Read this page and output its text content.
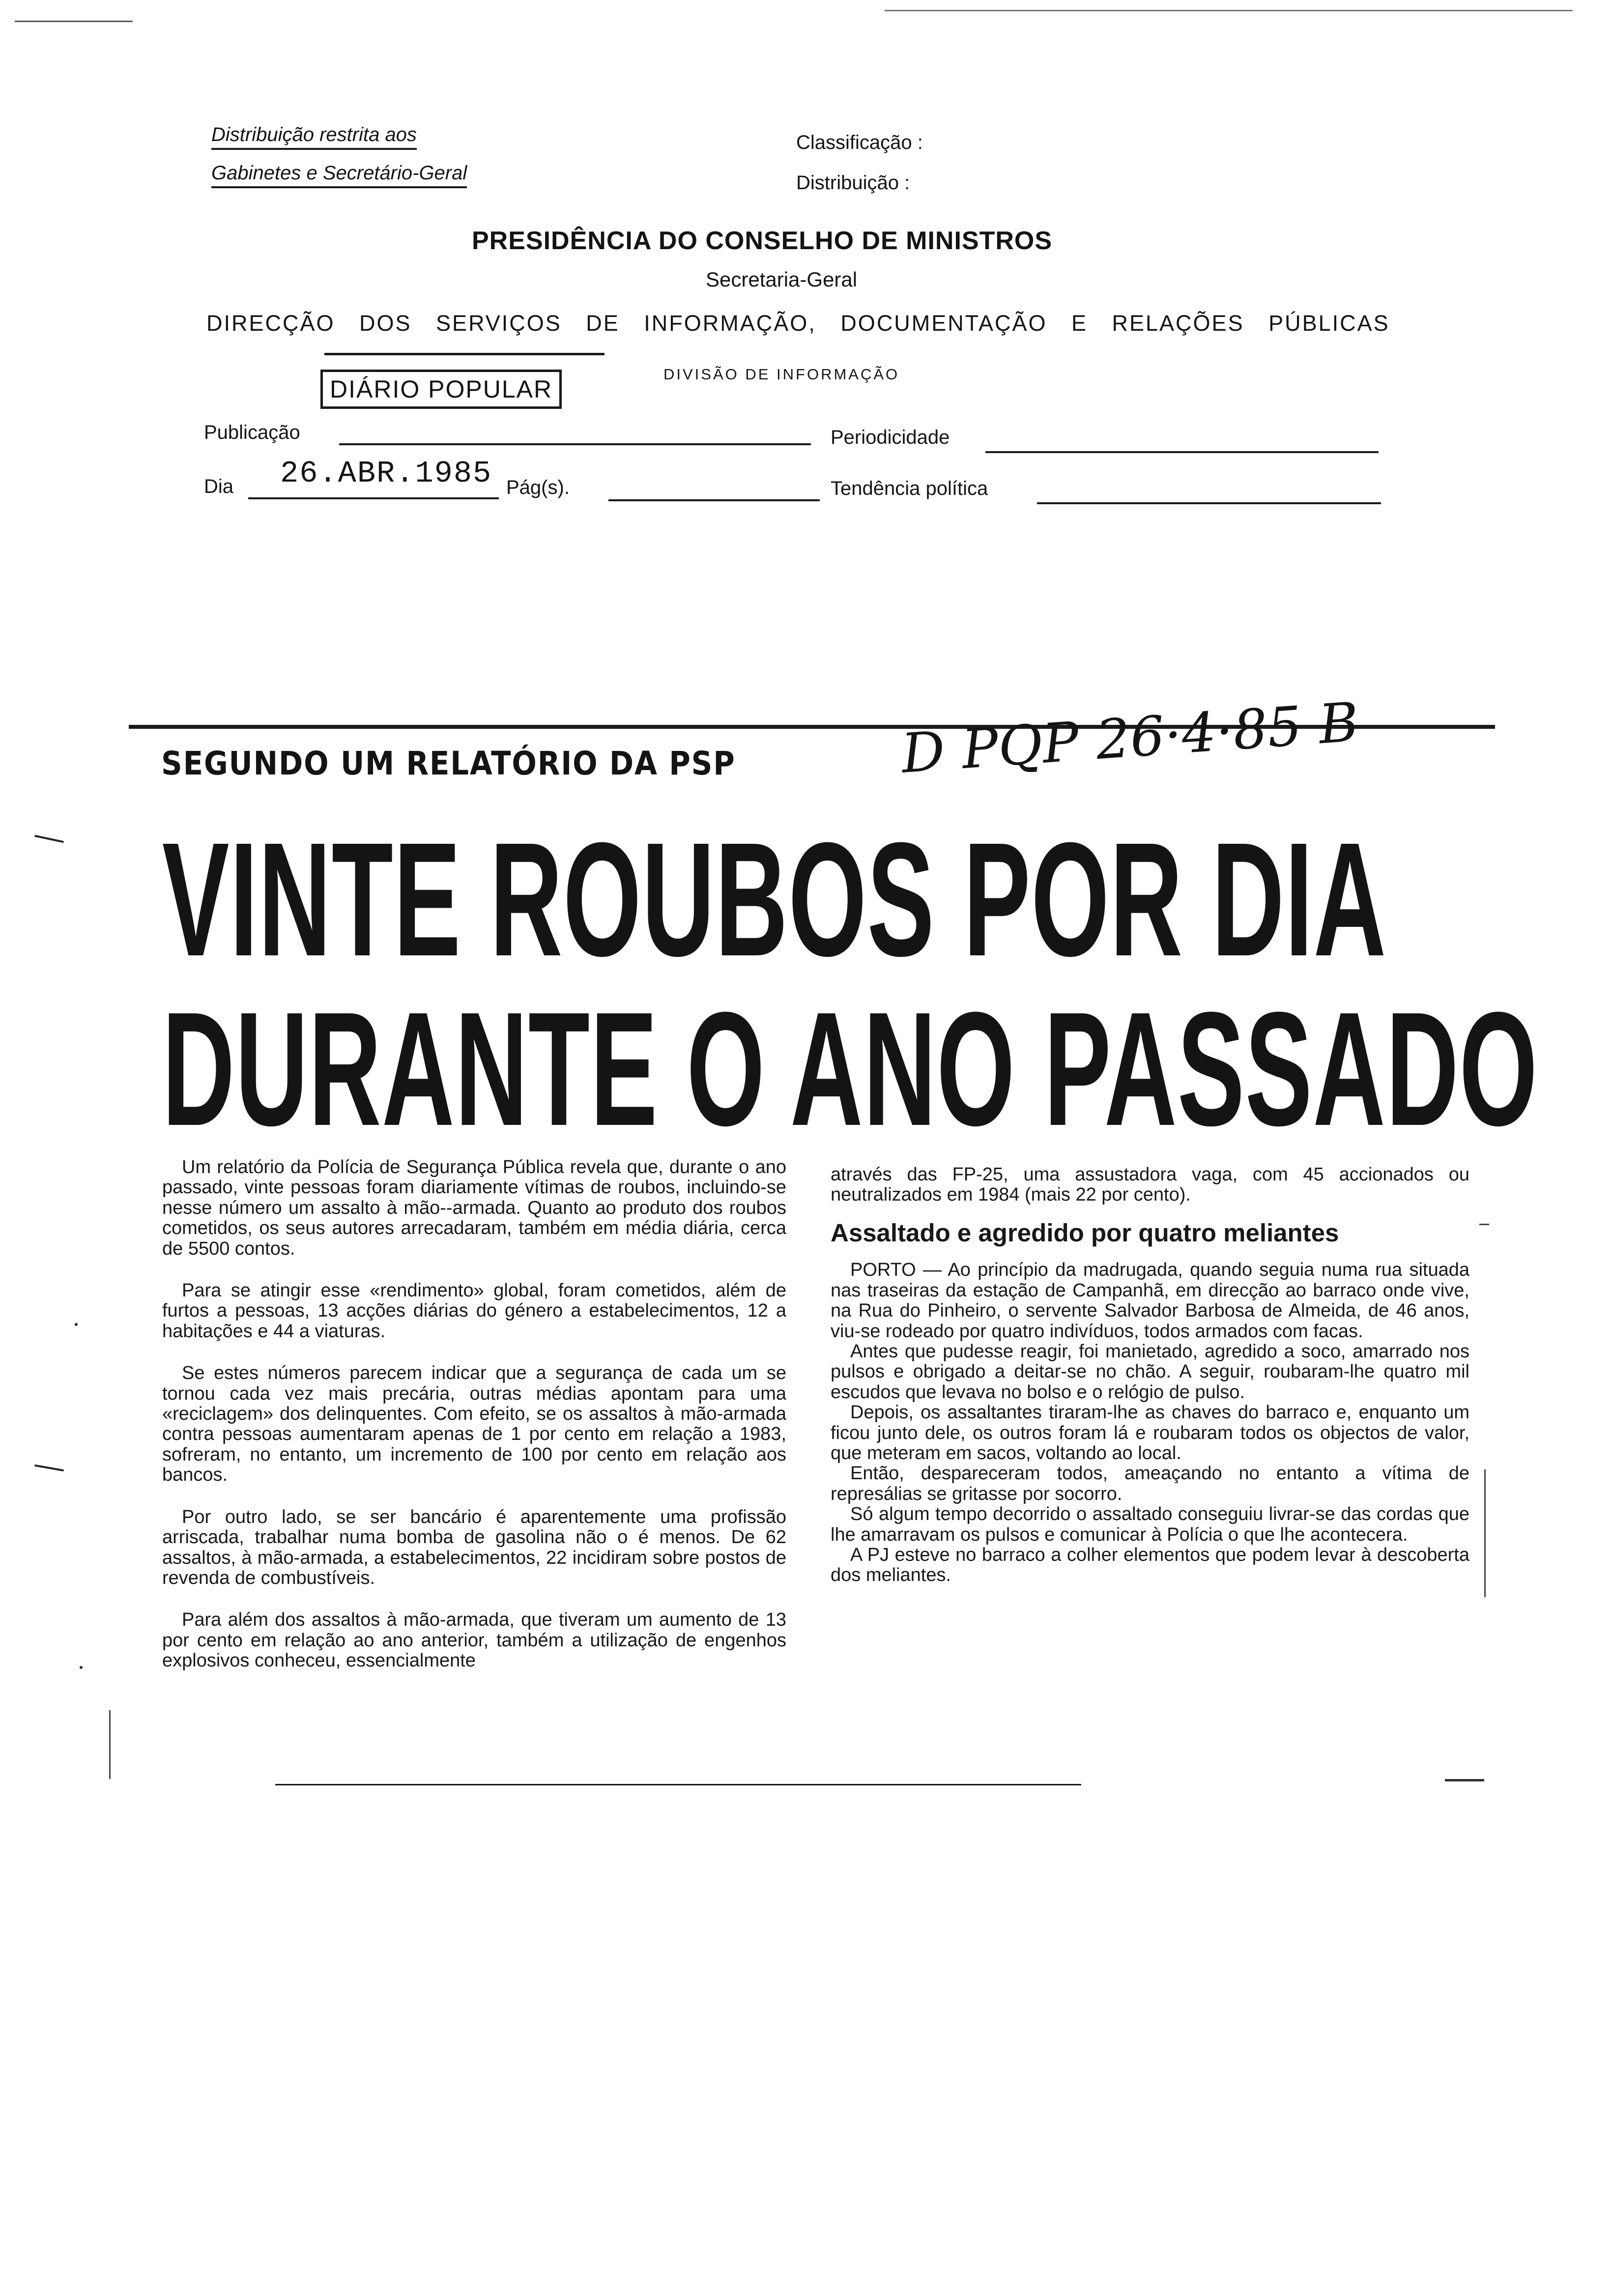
Distribuição restrita aos
Gabinetes e Secretário-Geral
Classificação :
Distribuição :
PRESIDÊNCIA DO CONSELHO DE MINISTROS
Secretaria-Geral
DIRECÇÃO DOS SERVIÇOS DE INFORMAÇÃO, DOCUMENTAÇÃO E RELAÇÕES PÚBLICAS
DIÁRIO POPULAR
DIVISÃO DE INFORMAÇÃO
Publicação	Periodicidade
Dia 26.ABR.1985 Pág(s).	Tendência política
SEGUNDO UM RELATÓRIO DA PSP	D PQP 26·4·85 B
VINTE ROUBOS POR DIA
DURANTE O ANO PASSADO

Um relatório da Polícia de Segurança Pública revela que, durante o ano passado, vinte pessoas foram diariamente vítimas de roubos, incluindo-se nesse número um assalto à mão--armada. Quanto ao produto dos roubos cometidos, os seus autores arrecadaram, também em média diária, cerca de 5500 contos.

Para se atingir esse «rendimento» global, foram cometidos, além de furtos a pessoas, 13 acções diárias do género a estabelecimentos, 12 a habitações e 44 a viaturas.

Se estes números parecem indicar que a segurança de cada um se tornou cada vez mais precária, outras médias apontam para uma «reciclagem» dos delinquentes. Com efeito, se os assaltos à mão-armada contra pessoas aumentaram apenas de 1 por cento em relação a 1983, sofreram, no entanto, um incremento de 100 por cento em relação aos bancos.

Por outro lado, se ser bancário é aparentemente uma profissão arriscada, trabalhar numa bomba de gasolina não o é menos. De 62 assaltos, à mão-armada, a estabelecimentos, 22 incidiram sobre postos de revenda de combustíveis.

Para além dos assaltos à mão-armada, que tiveram um aumento de 13 por cento em relação ao ano anterior, também a utilização de engenhos explosivos conheceu, essencialmente

através das FP-25, uma assustadora vaga, com 45 accionados ou neutralizados em 1984 (mais 22 por cento).

Assaltado e agredido por quatro meliantes

PORTO — Ao princípio da madrugada, quando seguia numa rua situada nas traseiras da estação de Campanhã, em direcção ao barraco onde vive, na Rua do Pinheiro, o servente Salvador Barbosa de Almeida, de 46 anos, viu-se rodeado por quatro indivíduos, todos armados com facas.

Antes que pudesse reagir, foi manietado, agredido a soco, amarrado nos pulsos e obrigado a deitar-se no chão. A seguir, roubaram-lhe quatro mil escudos que levava no bolso e o relógio de pulso.

Depois, os assaltantes tiraram-lhe as chaves do barraco e, enquanto um ficou junto dele, os outros foram lá e roubaram todos os objectos de valor, que meteram em sacos, voltando ao local.

Então, despareceram todos, ameaçando no entanto a vítima de represálias se gritasse por socorro.

Só algum tempo decorrido o assaltado conseguiu livrar-se das cordas que lhe amarravam os pulsos e comunicar à Polícia o que lhe acontecera.

A PJ esteve no barraco a colher elementos que podem levar à descoberta dos meliantes.
